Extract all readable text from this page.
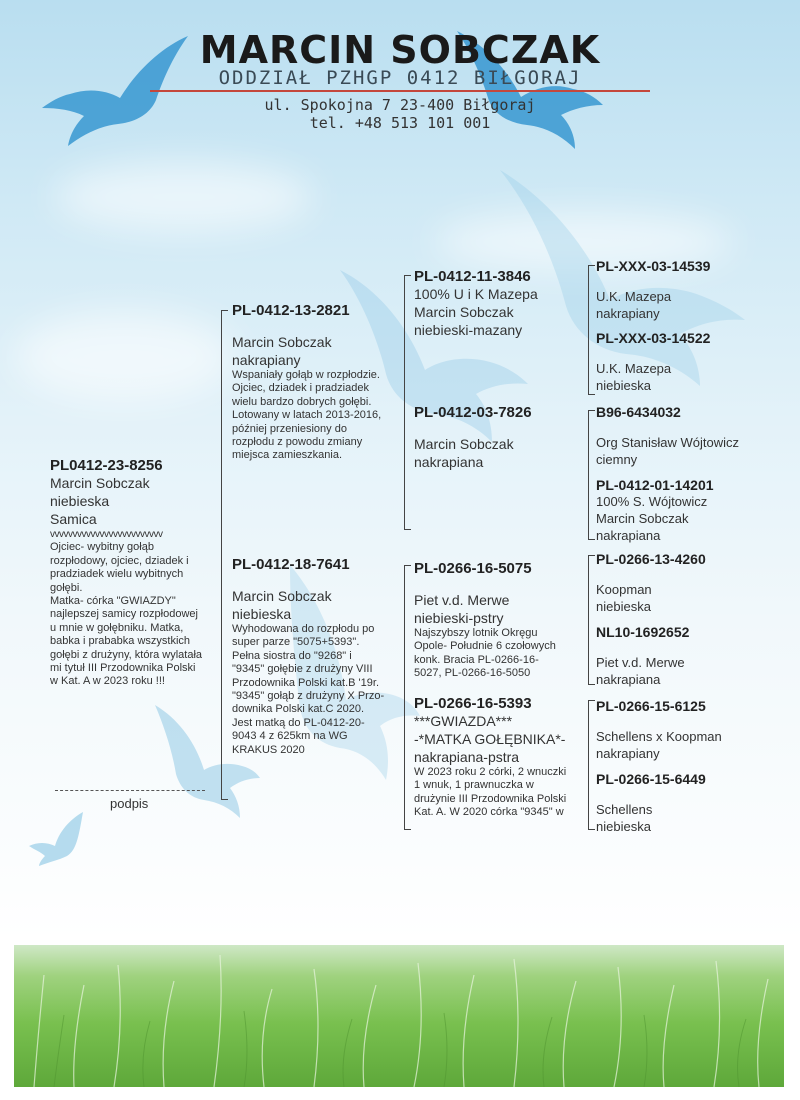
MARCIN SOBCZAK
ODDZIAŁ PZHGP 0412 BIŁGORAJ
ul. Spokojna 7 23-400 Biłgoraj
tel. +48 513 101 001
PL0412-23-8256
Marcin Sobczak
niebieska
Samica
vvvvvvvvvvvvvvvvvvvvvvvvv
Ojciec- wybitny gołąb
rozpłodowy, ojciec, dziadek i
pradziadek wielu wybitnych
gołębi.
Matka- córka "GWIAZDY"
najlepszej samicy rozpłodowej
u mnie w gołębniku. Matka,
babka i prababka wszystkich
gołębi z drużyny, która wylatała
mi tytuł III Przodownika Polski
w Kat. A w 2023 roku !!!
PL-0412-13-2821
Marcin Sobczak
nakrapiany
Wspaniały gołąb w rozpłodzie.
Ojciec, dziadek i pradziadek
wielu bardzo dobrych gołębi.
Lotowany w latach 2013-2016,
później przeniesiony do
rozpłodu z powodu zmiany
miejsca zamieszkania.
PL-0412-18-7641
Marcin Sobczak
niebieska
Wyhodowana do rozpłodu po
super parze "5075+5393".
Pełna siostra do "9268" i
"9345" gołębie z drużyny VIII
Przodownika Polski kat.B '19r.
"9345" gołąb z drużyny X Przo-
downika Polski kat.C 2020.
Jest matką do PL-0412-20-
9043 4 z 625km na WG
KRAKUS 2020
PL-0412-11-3846
100% U i K Mazepa
Marcin Sobczak
niebieski-mazany
PL-0412-03-7826
Marcin Sobczak
nakrapiana
PL-0266-16-5075
Piet v.d. Merwe
niebieski-pstry
Najszybszy lotnik Okręgu
Opole- Południe 6 czołowych
konk. Bracia PL-0266-16-
5027, PL-0266-16-5050
PL-0266-16-5393
***GWIAZDA***
-*MATKA GOŁĘBNIKA*-
nakrapiana-pstra
W 2023 roku 2 córki, 2 wnuczki
1 wnuk, 1 prawnuczka w
drużynie III Przodownika Polski
Kat. A. W 2020 córka "9345" w
PL-XXX-03-14539
U.K. Mazepa
nakrapiany
PL-XXX-03-14522
U.K. Mazepa
niebieska
B96-6434032
Org Stanisław Wójtowicz
ciemny
PL-0412-01-14201
100% S. Wójtowicz
Marcin Sobczak
nakrapiana
PL-0266-13-4260
Koopman
niebieska
NL10-1692652
Piet v.d. Merwe
nakrapiana
PL-0266-15-6125
Schellens x Koopman
nakrapiany
PL-0266-15-6449
Schellens
niebieska
podpis
